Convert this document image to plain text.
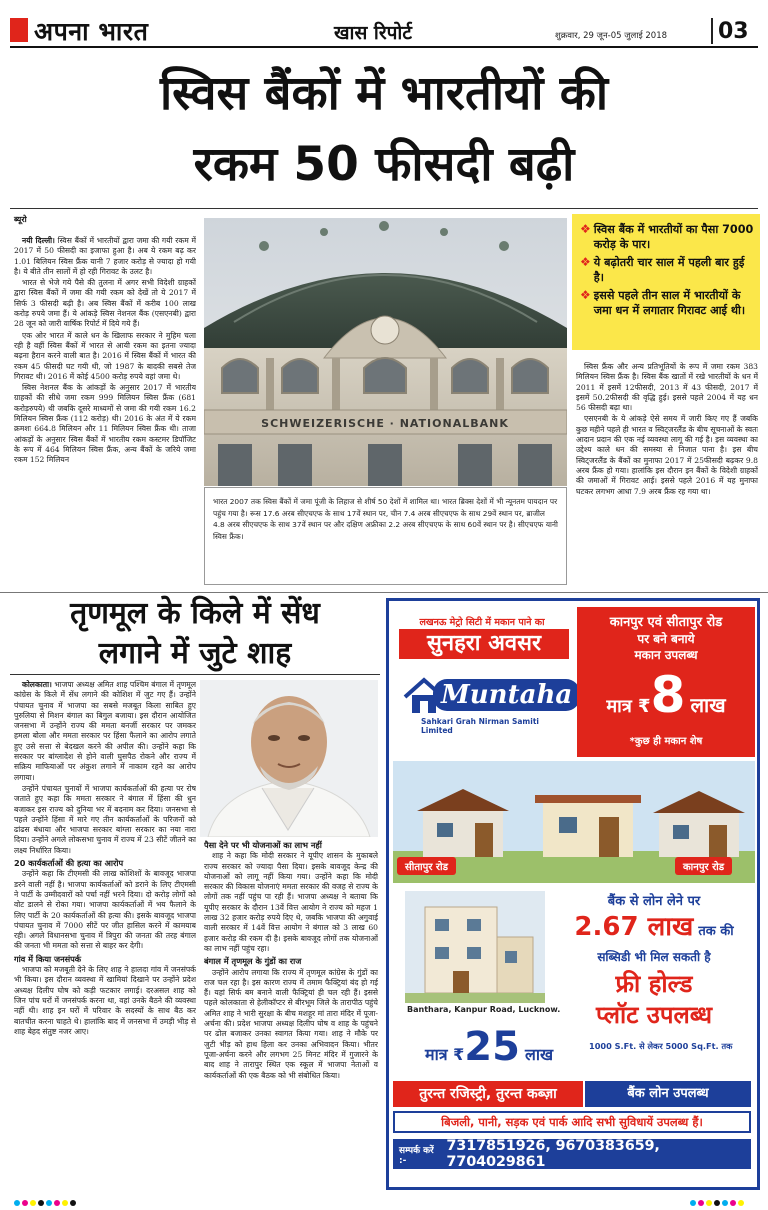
अपना भारत	खास रिपोर्ट	शुक्रवार, 29 जून-05 जुलाई 2018 03
स्विस बैंकों में भारतीयों की
रकम 50 फीसदी बढ़ी
ब्यूरो

नयी दिल्ली। स्विस बैंकों में भारतीयों द्वारा जमा की गयी रकम में 2017 में 50 फीसदी का इजाफा हुआ है। अब ये रकम बढ़ कर 1.01 बिलियन स्विस फ्रैंक यानी 7 हजार करोड़ से ज्यादा हो गयी है। ये बीते तीन सालों में हो रही गिरावट के उलट है।

भारत से भेजे गये पैसे की तुलना में अगर सभी विदेशी ग्राहकों द्वारा स्विस बैंकों में जमा की गयी रकम को देखें तो ये 2017 में सिर्फ 3 फीसदी बढ़ी है। अब स्विस बैंकों में करीब 100 लाख करोड़ रुपये जमा हैं। ये आंकड़े स्विस नेशनल बैंक (एसएनबी) द्वारा 28 जून को जारी वार्षिक रिपोर्ट में दिये गये हैं।

एक ओर भारत में काले धन के खिलाफ सरकार ने मुहिम चला रही है वहीं स्विस बैंकों में भारत से आयी रकम का इतना ज्यादा बढ़ना हैरान करने वाली बात है। 2016 में स्विस बैंकों में भारत की रकम 45 फीसदी घट गयी थी, जो 1987 के बादकी सबसे तेज गिरावट थी। 2016 में कोई 4500 करोड़ रुपये वहां जमा थे।

स्विस नेशनल बैंक के आंकड़ों के अनुसार 2017 में भारतीय ग्राहकों की सीधे जमा रकम 999 मिलियन स्विस फ्रैंक (681 करोड़रुपये) थी जबकि दूसरे माध्यमों से जमा की गयी रकम 16.2 मिलियन स्विस फ्रैंक (112 करोड़) थी। 2016 के अंत में ये रकम क्रमशः 664.8 मिलियन और 11 मिलियन स्विस फ्रैंक थी। ताजा आंकड़ों के अनुसार स्विस बैंकों में भारतीय रकम कस्टमर डिपॉजिट के रूप में 464 मिलियन स्विस फ्रैंक, अन्य बैंकों के जरिये जमा रकम 152 मिलियन

SCHWEIZERISCHE · NATIONALBANK
भारत 2007 तक स्विस बैंकों में जमा पूंजी के लिहाज से शीर्ष 50 देशों में शामिल था। भारत ब्रिक्स देशों में भी न्यूनतम पायदान पर पहुंच गया है। रूस 17.6 अरब सीएचएफ के साथ 17वें स्थान पर, चीन 7.4 अरब सीएचएफ के साथ 29वें स्थान पर, ब्राजील 4.8 अरब सीएचएफ के साथ 37वें स्थान पर और दक्षिण अफ्रीका 2.2 अरब सीएचएफ के साथ 60वें स्थान पर है। सीएचएफ यानी स्विस फ्रैंक।
❖ स्विस बैंक में भारतीयों का पैसा 7000 करोड़ के पार।
❖ ये बढ़ोतरी चार साल में पहली बार हुई है।
❖ इससे पहले तीन साल में भारतीयों के जमा धन में लगातार गिरावट आई थी।

स्विस फ्रैंक और अन्य प्रतिभूतियों के रूप में जमा रकम 383 मिलियन स्विस फ्रैंक है। स्विस बैंक खातों में रखे भारतीयों के धन में 2011 में इसमें 12फीसदी, 2013 में 43 फीसदी, 2017 में इसमें 50.2फीसदी की वृद्धि हुई। इससे पहले 2004 में यह धन 56 फीसदी बढ़ा था।

एसएनबी के ये आंकड़े ऐसे समय में जारी किए गए हैं जबकि कुछ महीने पहले ही भारत व स्विट्जरलैंड के बीच सूचनाओं के स्वतः आदान प्रदान की एक नई व्यवस्था लागू की गई है। इस व्यवस्था का उद्देश्य काले धन की समस्या से निजात पाना है। इस बीच स्विट्जरलैंड के बैंकों का मुनाफा 2017 में 25फीसदी बढ़कर 9.8 अरब फ्रैंक हो गया। हालांकि इस दौरान इन बैंकों के विदेशी ग्राहकों की जमाओं में गिरावट आई। इससे पहले 2016 में यह मुनाफा घटकर लगभग आधा 7.9 अरब फ्रैंक रह गया था।

तृणमूल के किले में सेंध
लगाने में जुटे शाह

कोलकाता। भाजपा अध्यक्ष अमित शाह पश्चिम बंगाल में तृणमूल कांग्रेस के किले में सेंध लगाने की कोशिश में जुट गए हैं। उन्होंने पंचायत चुनाव में भाजपा का सबसे मजबूत किला साबित हुए पुरुलिया से मिशन बंगाल का बिगुल बजाया। इस दौरान आयोजित जनसभा में उन्होंने राज्य की ममता बनर्जी सरकार पर जमकर हमला बोला और ममता सरकार पर हिंसा फैलाने का आरोप लगाते हुए उसे सत्ता से बेदखल करने की अपील की। उन्होंने कहा कि सरकार पर बांग्लादेश से होने वाली घुसपैठ रोकने और राज्य में सक्रिय माफियाओं पर अंकुश लगाने में नाकाम रहने का आरोप लगाया।

उन्होंने पंचायत चुनावों में भाजपा कार्यकर्ताओं की हत्या पर रोष जताते हुए कहा कि ममता सरकार ने बंगाल में हिंसा की धुन बजाकर इस राज्य को दुनिया भर में बदनाम कर दिया। जनसभा से पहले उन्होंने हिंसा में मारे गए तीन कार्यकर्ताओं के परिजनों को ढांढस बंधाया और भाजपा सरकार बांग्ला सरकार का नया नारा दिया। उन्होंने अगले लोकसभा चुनाव में राज्य में 23 सीटें जीतने का लक्ष्य निर्धारित किया।

20 कार्यकर्ताओं की हत्या का आरोप

उन्होंने कहा कि टीएमसी की लाख कोशिशों के बावजूद भाजपा डरने वाली नहीं है। भाजपा कार्यकर्ताओं को डराने के लिए टीएमसी ने पार्टी के उम्मीदवारों को पर्चा नहीं भरने दिया। दो करोड़ लोगों को वोट डालने से रोका गया। भाजपा कार्यकर्ताओं में भय फैलाने के लिए पार्टी के 20 कार्यकर्ताओं की हत्या की। इसके बावजूद भाजपा पंचायत चुनाव में 7000 सीटें पर जीत हासिल करने में कामयाब रही। अगले विधानसभा चुनाव में त्रिपुरा की जनता की तरह बंगाल की जनता भी ममता को सत्ता से बाहर कर देगी।

गांव में किया जनसंपर्क

भाजपा को मजबूती देने के लिए शाह ने हालदा गांव में जनसंपर्क भी किया। इस दौरान व्यवस्था में खामियां दिखाने पर उन्होंने प्रदेश अध्यक्ष दिलीप घोष को कड़ी फटकार लगाई। दरअसल शाह को जिन पांच घरों में जनसंपर्क करना था, वहां उनके बैठने की व्यवस्था नहीं थी। शाह इन घरों में परिवार के सदस्यों के साथ बैठ कर बातचीत करना चाहते थे। हालांकि बाद में जनसभा में उमड़ी भीड़ से शाह बेहद संतुष्ट नजर आए।

पैसा देने पर भी योजनाओं का लाभ नहीं

शाह ने कहा कि मोदी सरकार ने यूपीए शासन के मुकाबले राज्य सरकार को ज्यादा पैसा दिया। इसके बावजूद केन्द्र की योजनाओं को लागू नहीं किया गया। उन्होंने कहा कि मोदी सरकार की विकास योजनाएं ममता सरकार की वजह से राज्य के लोगों तक नहीं पहुंच पा रही हैं। भाजपा अध्यक्ष ने बताया कि यूपीए सरकार के दौरान 13वें वित्त आयोग ने राज्य को महज 1 लाख 32 हजार करोड़ रुपये दिए थे, जबकि भाजपा की अगुवाई वाली सरकार में 14वें वित्त आयोग ने बंगाल को 3 लाख 60 हजार करोड़ की रकम दी है। इसके बावजूद लोगों तक योजनाओं का लाभ नहीं पहुंच रहा।

बंगाल में तृणमूल के गुंडों का राज

उन्होंने आरोप लगाया कि राज्य में तृणमूल कांग्रेस के गुंडों का राज चल रहा है। इस कारण राज्य में तमाम फैक्ट्रियां बंद हो गई हैं। यहां सिर्फ बम बनाने वाली फैक्ट्रियां ही चल रही हैं। इससे पहले कोलकाता से हेलीकॉप्टर से बीरभूम जिले के तारापीठ पहुंचे अमित शाह ने भारी सुरक्षा के बीच मशहूर मां तारा मंदिर में पूजा-अर्चना की। प्रदेश भाजपा अध्यक्ष दिलीप घोष व शाह के पहुंचने पर ढोल बजाकर उनका स्वागत किया गया। शाह ने मौके पर जुटी भीड़ को हाथ हिला कर उनका अभिवादन किया। भीतर पूजा-अर्चना करने और लगभग 25 मिनट मंदिर में गुजारने के बाद शाह ने तारापुर स्थित एक स्कूल में भाजपा नेताओं व कार्यकर्ताओं की एक बैठक को भी संबोधित किया।

लखनऊ मेट्रो सिटी में मकान पाने का
सुनहरा अवसर
Muntaha
Sahkari Grah Nirman Samiti Limited
कानपुर एवं सीतापुर रोड
पर बने बनाये
मकान उपलब्ध
मात्र ₹8 लाख
*कुछ ही मकान शेष
सीतापुर रोड	कानपुर रोड
Banthara, Kanpur Road, Lucknow.
बैंक से लोन लेने पर
2.67 लाख तक की
सब्सिडी भी मिल सकती है
फ्री होल्ड
प्लॉट उपलब्ध
मात्र ₹25 लाख	1000 S.Ft. से लेकर 5000 Sq.Ft. तक
तुरन्त रजिस्ट्री, तुरन्त कब्ज़ा	बैंक लोन उपलब्ध
बिजली, पानी, सड़क एवं पार्क आदि सभी सुविधायें उपलब्ध हैं।
सम्पर्क करें :-
7317851926, 9670383659, 7704029861
